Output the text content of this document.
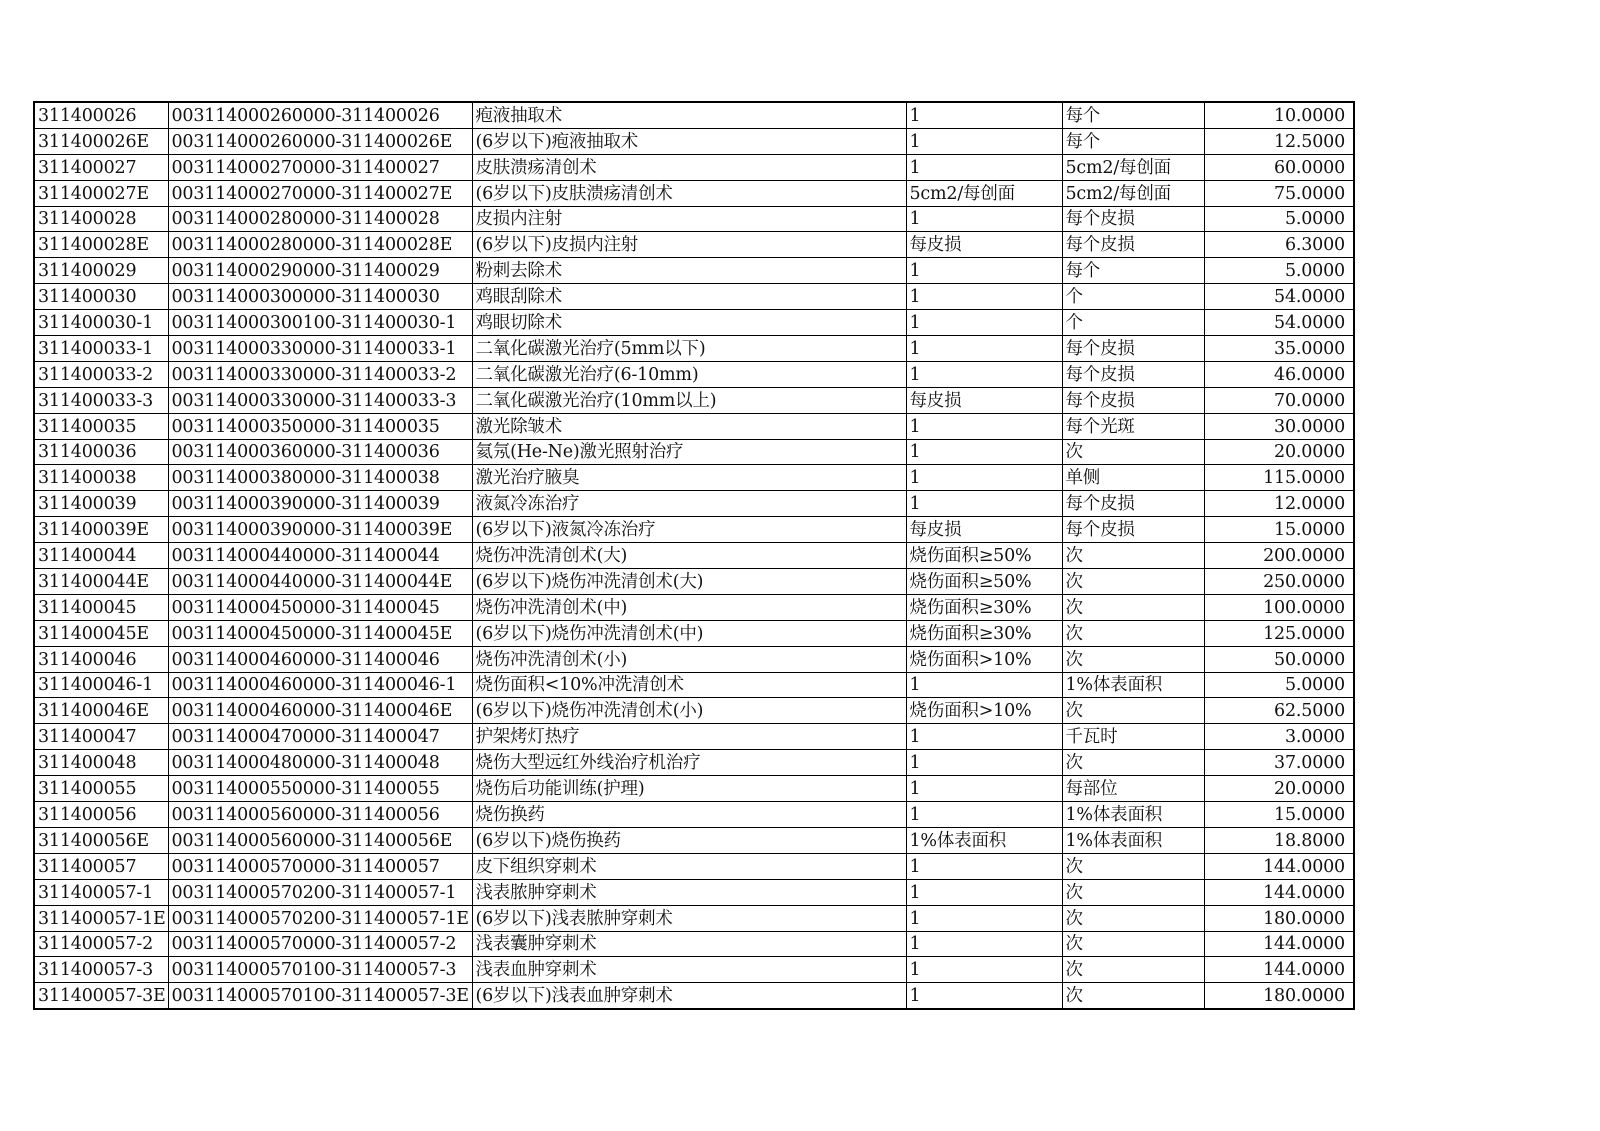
311400026	003114000260000-311400026	疱液抽取术	1	每个	10.0000
311400026E	003114000260000-311400026E	(6岁以下)疱液抽取术	1	每个	12.5000
311400027	003114000270000-311400027	皮肤溃疡清创术	1	5cm2/每创面	60.0000
311400027E	003114000270000-311400027E	(6岁以下)皮肤溃疡清创术	5cm2/每创面	5cm2/每创面	75.0000
311400028	003114000280000-311400028	皮损内注射	1	每个皮损	5.0000
311400028E	003114000280000-311400028E	(6岁以下)皮损内注射	每皮损	每个皮损	6.3000
311400029	003114000290000-311400029	粉刺去除术	1	每个	5.0000
311400030	003114000300000-311400030	鸡眼刮除术	1	个	54.0000
311400030-1	003114000300100-311400030-1	鸡眼切除术	1	个	54.0000
311400033-1	003114000330000-311400033-1	二氧化碳激光治疗(5mm以下)	1	每个皮损	35.0000
311400033-2	003114000330000-311400033-2	二氧化碳激光治疗(6-10mm)	1	每个皮损	46.0000
311400033-3	003114000330000-311400033-3	二氧化碳激光治疗(10mm以上)	每皮损	每个皮损	70.0000
311400035	003114000350000-311400035	激光除皱术	1	每个光斑	30.0000
311400036	003114000360000-311400036	氦氖(He-Ne)激光照射治疗	1	次	20.0000
311400038	003114000380000-311400038	激光治疗腋臭	1	单侧	115.0000
311400039	003114000390000-311400039	液氮冷冻治疗	1	每个皮损	12.0000
311400039E	003114000390000-311400039E	(6岁以下)液氮冷冻治疗	每皮损	每个皮损	15.0000
311400044	003114000440000-311400044	烧伤冲洗清创术(大)	烧伤面积≥50%	次	200.0000
311400044E	003114000440000-311400044E	(6岁以下)烧伤冲洗清创术(大)	烧伤面积≥50%	次	250.0000
311400045	003114000450000-311400045	烧伤冲洗清创术(中)	烧伤面积≥30%	次	100.0000
311400045E	003114000450000-311400045E	(6岁以下)烧伤冲洗清创术(中)	烧伤面积≥30%	次	125.0000
311400046	003114000460000-311400046	烧伤冲洗清创术(小)	烧伤面积>10%	次	50.0000
311400046-1	003114000460000-311400046-1	烧伤面积<10%冲洗清创术	1	1%体表面积	5.0000
311400046E	003114000460000-311400046E	(6岁以下)烧伤冲洗清创术(小)	烧伤面积>10%	次	62.5000
311400047	003114000470000-311400047	护架烤灯热疗	1	千瓦时	3.0000
311400048	003114000480000-311400048	烧伤大型远红外线治疗机治疗	1	次	37.0000
311400055	003114000550000-311400055	烧伤后功能训练(护理)	1	每部位	20.0000
311400056	003114000560000-311400056	烧伤换药	1	1%体表面积	15.0000
311400056E	003114000560000-311400056E	(6岁以下)烧伤换药	1%体表面积	1%体表面积	18.8000
311400057	003114000570000-311400057	皮下组织穿刺术	1	次	144.0000
311400057-1	003114000570200-311400057-1	浅表脓肿穿刺术	1	次	144.0000
311400057-1E	003114000570200-311400057-1E	(6岁以下)浅表脓肿穿刺术	1	次	180.0000
311400057-2	003114000570000-311400057-2	浅表囊肿穿刺术	1	次	144.0000
311400057-3	003114000570100-311400057-3	浅表血肿穿刺术	1	次	144.0000
311400057-3E	003114000570100-311400057-3E	(6岁以下)浅表血肿穿刺术	1	次	180.0000
